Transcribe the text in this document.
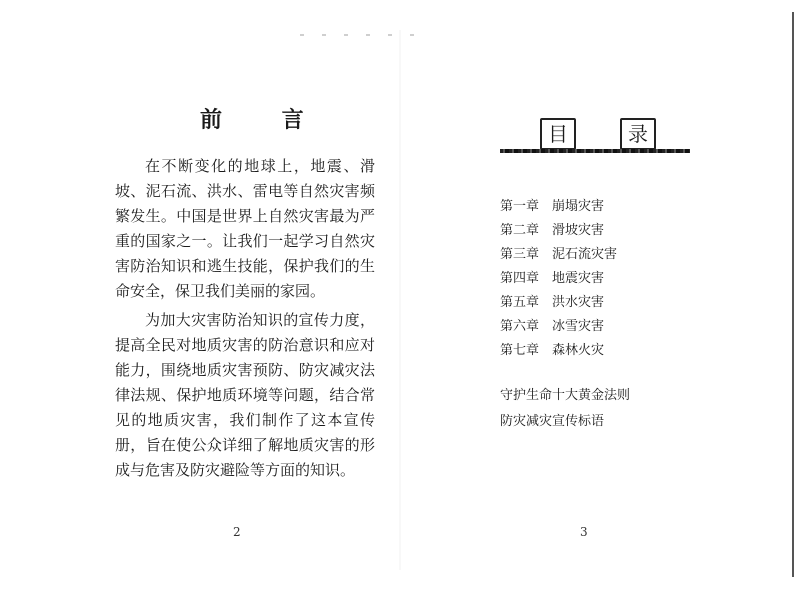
前 言

在不断变化的地球上，地震、滑坡、泥石流、洪水、雷电等自然灾害频繁发生。中国是世界上自然灾害最为严重的国家之一。让我们一起学习自然灾害防治知识和逃生技能，保护我们的生命安全，保卫我们美丽的家园。

为加大灾害防治知识的宣传力度，提高全民对地质灾害的防治意识和应对能力，围绕地质灾害预防、防灾减灾法律法规、保护地质环境等问题，结合常见的地质灾害，我们制作了这本宣传册，旨在使公众详细了解地质灾害的形成与危害及防灾避险等方面的知识。

2
目	录
第一章 崩塌灾害
第二章 滑坡灾害
第三章 泥石流灾害
第四章 地震灾害
第五章 洪水灾害
第六章 冰雪灾害
第七章 森林火灾
守护生命十大黄金法则
防灾减灾宣传标语
3
